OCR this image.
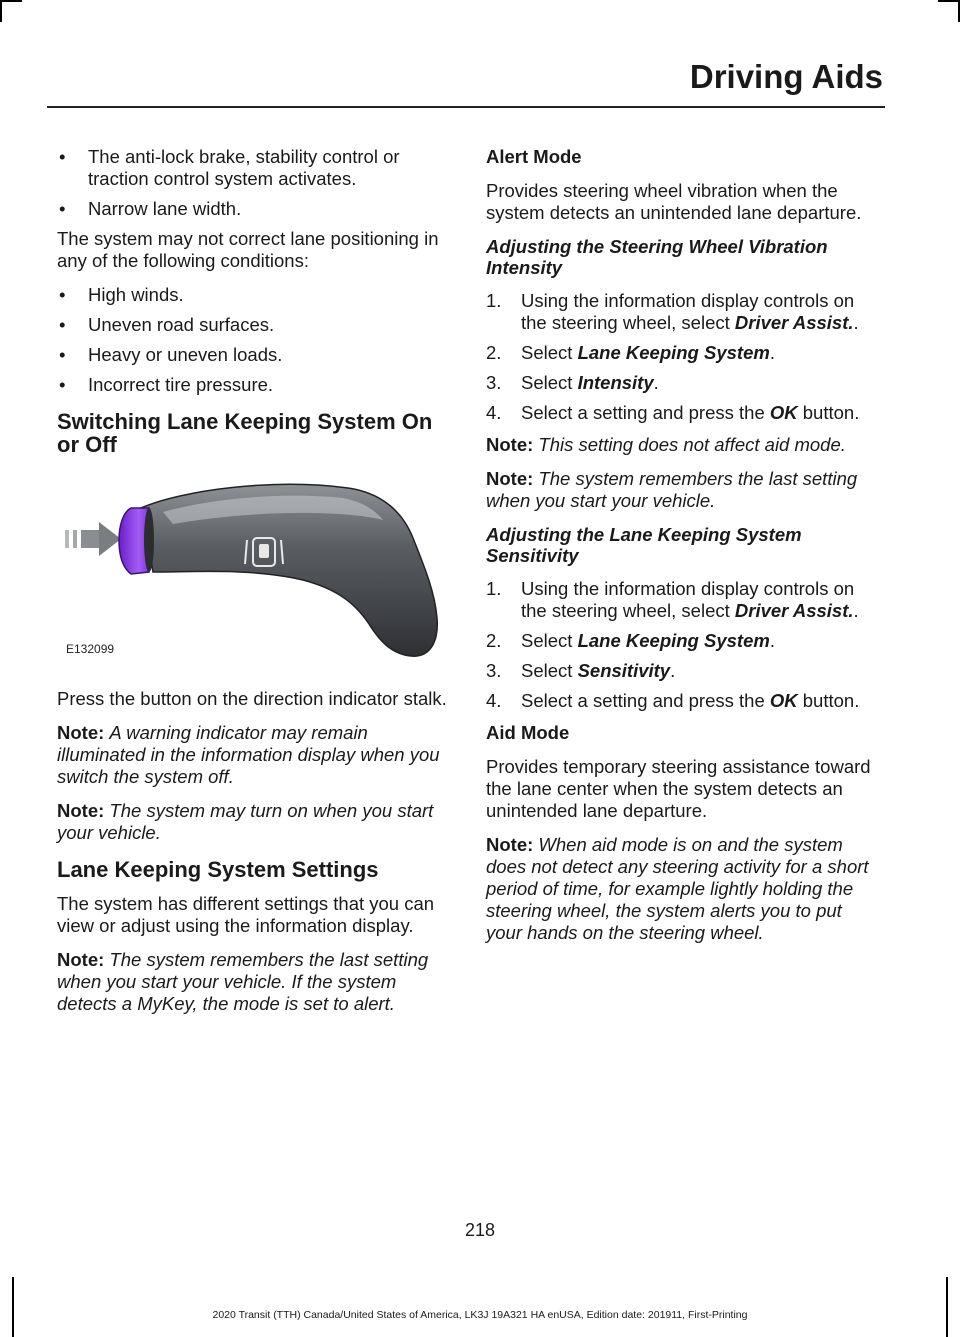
Driving Aids
• The anti-lock brake, stability control or traction control system activates.
• Narrow lane width.

The system may not correct lane positioning in any of the following conditions:

• High winds.
• Uneven road surfaces.
• Heavy or uneven loads.
• Incorrect tire pressure.
Switching Lane Keeping System On or Off
E132099

Press the button on the direction indicator stalk.

Note: A warning indicator may remain illuminated in the information display when you switch the system off.

Note: The system may turn on when you start your vehicle.

Lane Keeping System Settings

The system has different settings that you can view or adjust using the information display.

Note: The system remembers the last setting when you start your vehicle. If the system detects a MyKey, the mode is set to alert.

Alert Mode

Provides steering wheel vibration when the system detects an unintended lane departure.

Adjusting the Steering Wheel Vibration Intensity
1. Using the information display controls on the steering wheel, select Driver Assist..
2. Select Lane Keeping System.
3. Select Intensity.
4. Select a setting and press the OK button.

Note: This setting does not affect aid mode.

Note: The system remembers the last setting when you start your vehicle.

Adjusting the Lane Keeping System Sensitivity
1. Using the information display controls on the steering wheel, select Driver Assist..
2. Select Lane Keeping System.
3. Select Sensitivity.
4. Select a setting and press the OK button.
Aid Mode

Provides temporary steering assistance toward the lane center when the system detects an unintended lane departure.

Note: When aid mode is on and the system does not detect any steering activity for a short period of time, for example lightly holding the steering wheel, the system alerts you to put your hands on the steering wheel.

218
2020 Transit (TTH) Canada/United States of America, LK3J 19A321 HA enUSA, Edition date: 201911, First-Printing
